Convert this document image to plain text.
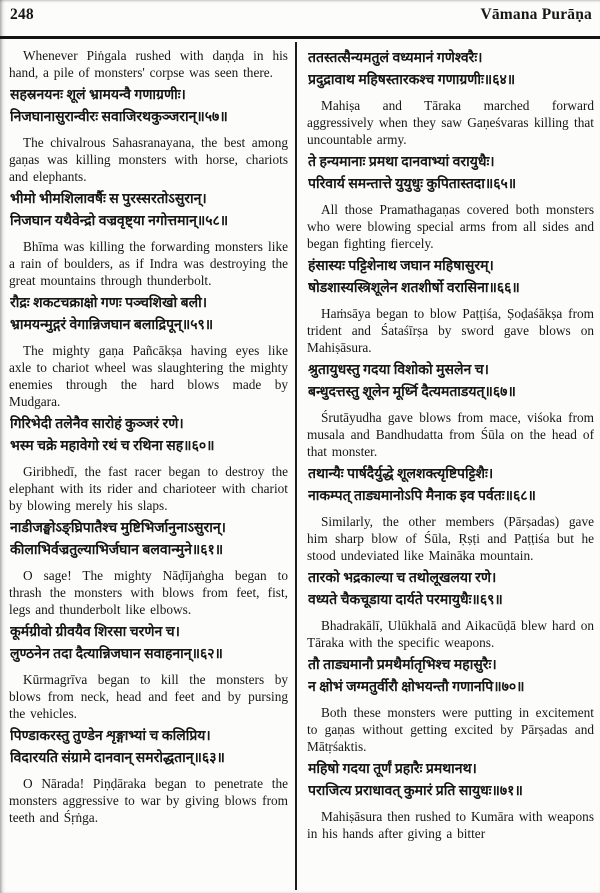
248	Vāmana Purāṇa

Whenever Piṅgala rushed with daṇḍa in his hand, a pile of monsters' corpse was seen there.

सहस्रनयनः शूलं भ्रामयन्वै गणाग्रणीः।

निजघानासुरान्वीरः सवाजिरथकुञ्जरान्॥५७॥

The chivalrous Sahasranayana, the best among gaṇas was killing monsters with horse, chariots and elephants.

भीमो भीमशिलावर्षैः स पुरस्सरतोऽसुरान्।

निजघान यथैवेन्द्रो वज्रवृष्ट्या नगोत्तमान्॥५८॥

Bhīma was killing the forwarding monsters like a rain of boulders, as if Indra was destroying the great mountains through thunderbolt.

रौद्रः शकटचक्राक्षो गणः पञ्चशिखो बली।

भ्रामयन्मुद्गरं वेगान्निजघान बलाद्रिपून्॥५९॥

The mighty gaṇa Pañcākṣa having eyes like axle to chariot wheel was slaughtering the mighty enemies through the hard blows made by Mudgara.

गिरिभेदी तलेनैव सारोहं कुञ्जरं रणे।

भस्म चक्रे महावेगो रथं च रथिना सह॥६०॥

Giribhedī, the fast racer began to destroy the elephant with its rider and charioteer with chariot by blowing merely his slaps.

नाडीजङ्घोऽङ्घ्रिपातैश्च मुष्टिभिर्जानुनाऽसुरान्।

कीलाभिर्वज्रतुल्याभिर्जघान बलवान्मुने॥६१॥

O sage! The mighty Nāḍījaṅgha began to thrash the monsters with blows from feet, fist, legs and thunderbolt like elbows.

कूर्मग्रीवो ग्रीवयैव शिरसा चरणेन च।

लुण्ठनेन तदा दैत्यान्निजघान सवाहनान्॥६२॥

Kūrmagrīva began to kill the monsters by blows from neck, head and feet and by pursing the vehicles.

पिण्डाकरस्तु तुण्डेन शृङ्गाभ्यां च कलिप्रिय।

विदारयति संग्रामे दानवान् समरोद्धतान्॥६३॥

O Nārada! Piṇḍāraka began to penetrate the monsters aggressive to war by giving blows from teeth and Śṛṅga.

ततस्तत्सैन्यमतुलं वध्यमानं गणेश्वरैः।

प्रदुद्रावाथ महिषस्तारकश्च गणाग्रणीः॥६४॥

Mahiṣa and Tāraka marched forward aggressively when they saw Gaṇeśvaras killing that uncountable army.

ते हन्यमानाः प्रमथा दानवाभ्यां वरायुधैः।

परिवार्य समन्तात्ते युयुधुः कुपितास्तदा॥६५॥

All those Pramathagaṇas covered both monsters who were blowing special arms from all sides and began fighting fiercely.

हंसास्यः पट्टिशेनाथ जघान महिषासुरम्।

षोडशास्यस्त्रिशूलेन शतशीर्षो वरासिना॥६६॥

Haṁsāya began to blow Paṭṭiśa, Ṣoḍaśākṣa from trident and Śataśīrṣa by sword gave blows on Mahiṣāsura.

श्रुतायुधस्तु गदया विशोको मुसलेन च।

बन्धुदत्तस्तु शूलेन मूर्ध्नि दैत्यमताडयत्॥६७॥

Śrutāyudha gave blows from mace, viśoka from musala and Bandhudatta from Śūla on the head of that monster.

तथान्यैः पार्षदैर्युद्धे शूलशक्त्यृष्टिपट्टिशैः।

नाकम्पत् ताड्यमानोऽपि मैनाक इव पर्वतः॥६८॥

Similarly, the other members (Pārṣadas) gave him sharp blow of Śūla, Ṛṣṭi and Paṭṭiśa but he stood undeviated like Maināka mountain.

तारको भद्रकाल्या च तथोलूखलया रणे।

वध्यते चैकचूडाया दार्यते परमायुधैः॥६९॥

Bhadrakālī, Ulūkhalā and Aikacūḍā blew hard on Tāraka with the specific weapons.

तौ ताड्यमानौ प्रमथैर्मातृभिश्च महासुरैः।

न क्षोभं जग्मतुर्वीरौ क्षोभयन्तौ गणानपि॥७०॥

Both these monsters were putting in excitement to gaṇas without getting excited by Pārṣadas and Mātṛśaktis.

महिषो गदया तूर्णं प्रहारैः प्रमथानथ।

पराजित्य प्रराधावत् कुमारं प्रति सायुधः॥७१॥

Mahiṣāsura then rushed to Kumāra with weapons in his hands after giving a bitter
